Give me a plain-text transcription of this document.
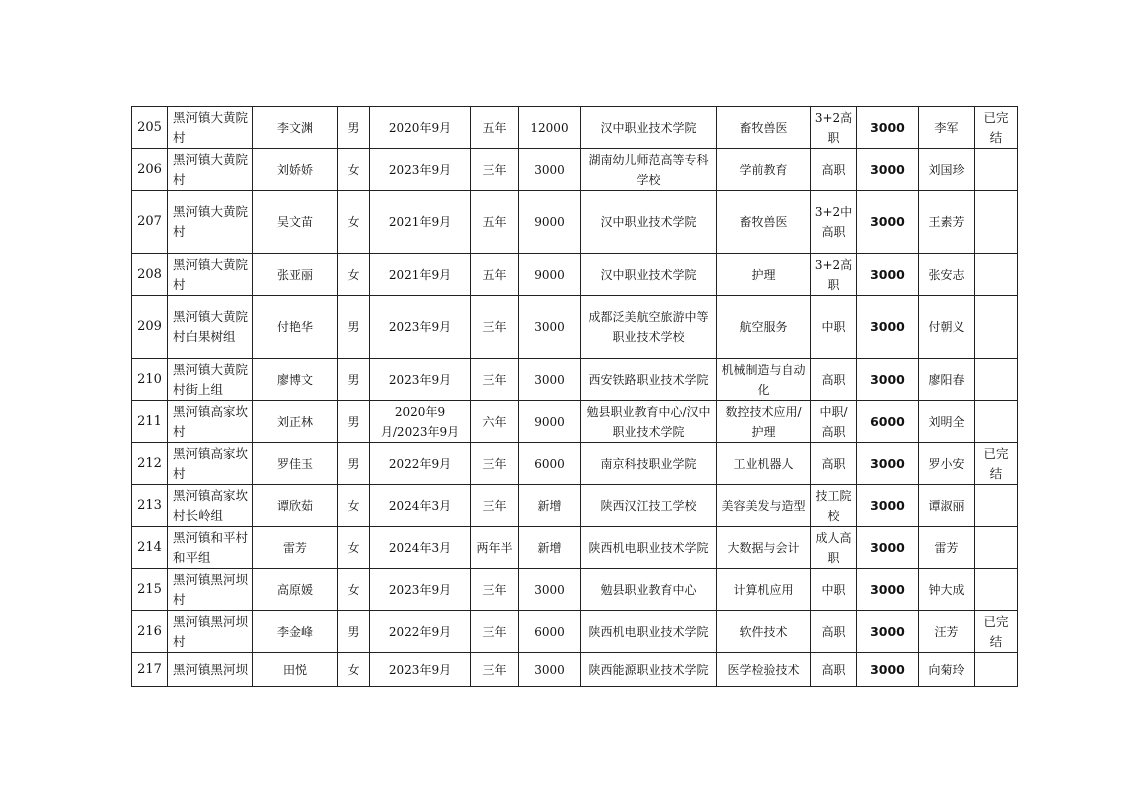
205	黑河镇大黄院村	李文渊	男	2020年9月	五年	12000	汉中职业技术学院	畜牧兽医	3+2高职	3000	李军	已完结
206	黑河镇大黄院村	刘娇娇	女	2023年9月	三年	3000	湖南幼儿师范高等专科学校	学前教育	高职	3000	刘国珍	
207	黑河镇大黄院村	吴文苗	女	2021年9月	五年	9000	汉中职业技术学院	畜牧兽医	3+2中高职	3000	王素芳	
208	黑河镇大黄院村	张亚丽	女	2021年9月	五年	9000	汉中职业技术学院	护理	3+2高职	3000	张安志	
209	黑河镇大黄院村白果树组	付艳华	男	2023年9月	三年	3000	成都泛美航空旅游中等职业技术学校	航空服务	中职	3000	付朝义	
210	黑河镇大黄院村街上组	廖博文	男	2023年9月	三年	3000	西安铁路职业技术学院	机械制造与自动化	高职	3000	廖阳春	
211	黑河镇高家坎村	刘正林	男	2020年9月/2023年9月	六年	9000	勉县职业教育中心/汉中职业技术学院	数控技术应用/护理	中职/高职	6000	刘明全	
212	黑河镇高家坎村	罗佳玉	男	2022年9月	三年	6000	南京科技职业学院	工业机器人	高职	3000	罗小安	已完结
213	黑河镇高家坎村长岭组	谭欣茹	女	2024年3月	三年	新增	陕西汉江技工学校	美容美发与造型	技工院校	3000	谭淑丽	
214	黑河镇和平村和平组	雷芳	女	2024年3月	两年半	新增	陕西机电职业技术学院	大数据与会计	成人高职	3000	雷芳	
215	黑河镇黑河坝村	高原媛	女	2023年9月	三年	3000	勉县职业教育中心	计算机应用	中职	3000	钟大成	
216	黑河镇黑河坝村	李金峰	男	2022年9月	三年	6000	陕西机电职业技术学院	软件技术	高职	3000	汪芳	已完结
217	黑河镇黑河坝	田悦	女	2023年9月	三年	3000	陕西能源职业技术学院	医学检验技术	高职	3000	向菊玲	
